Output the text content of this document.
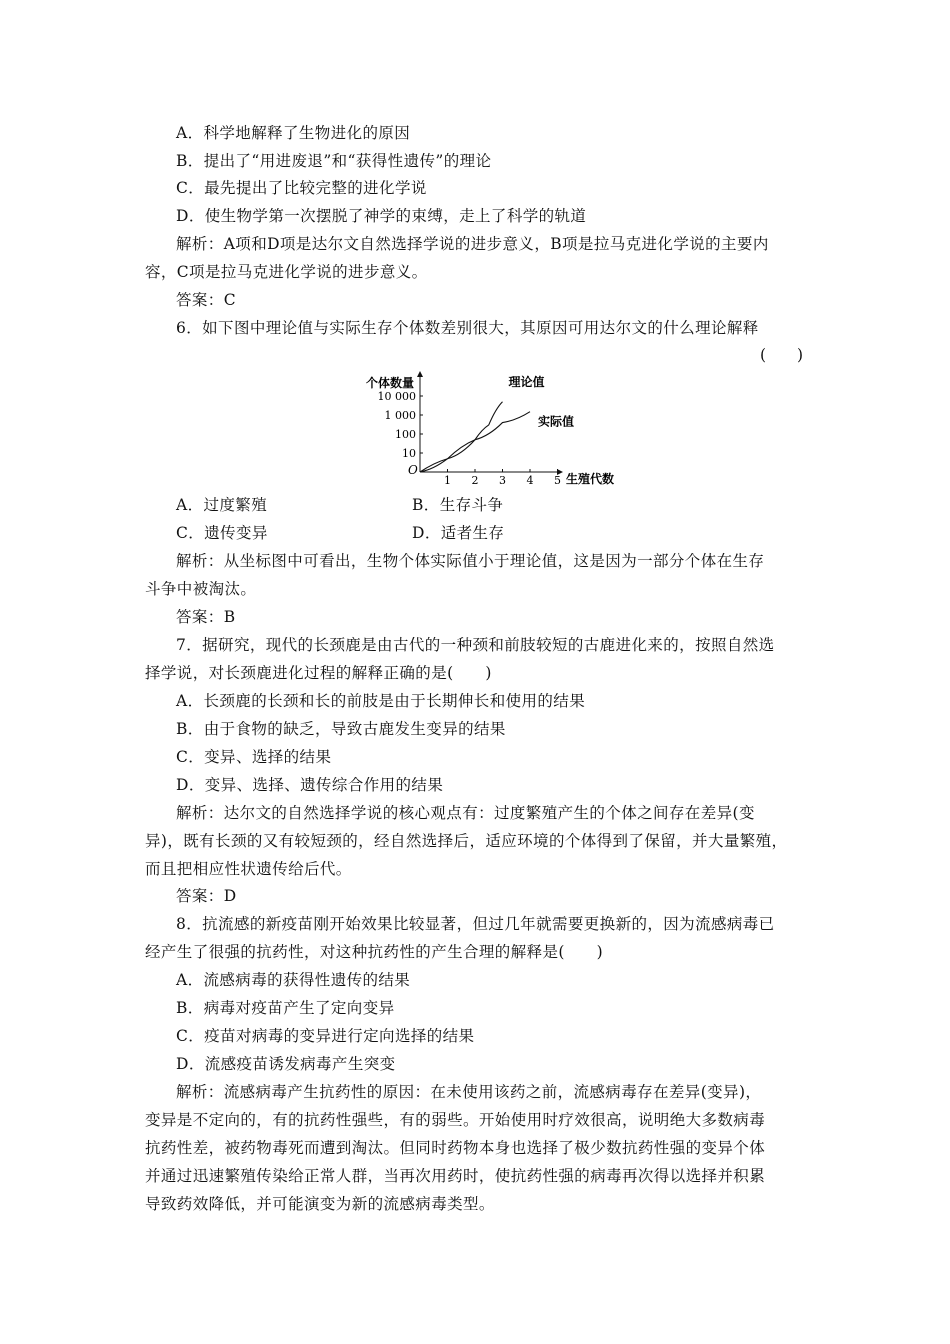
A．科学地解释了生物进化的原因
B．提出了“用进废退”和“获得性遗传”的理论
C．最先提出了比较完整的进化学说
D．使生物学第一次摆脱了神学的束缚，走上了科学的轨道
解析：A项和D项是达尔文自然选择学说的进步意义，B项是拉马克进化学说的主要内
容，C项是拉马克进化学说的进步意义。
答案：C
6．如下图中理论值与实际生存个体数差别很大，其原因可用达尔文的什么理论解释
(　　)
个体数量
生殖代数
O
10
100
1 000
10 000
1 2 3 4 5
理论值
实际值
A．过度繁殖	B．生存斗争
C．遗传变异	D．适者生存
解析：从坐标图中可看出，生物个体实际值小于理论值，这是因为一部分个体在生存
斗争中被淘汰。
答案：B
7．据研究，现代的长颈鹿是由古代的一种颈和前肢较短的古鹿进化来的，按照自然选
择学说，对长颈鹿进化过程的解释正确的是(　　)
A．长颈鹿的长颈和长的前肢是由于长期伸长和使用的结果
B．由于食物的缺乏，导致古鹿发生变异的结果
C．变异、选择的结果
D．变异、选择、遗传综合作用的结果
解析：达尔文的自然选择学说的核心观点有：过度繁殖产生的个体之间存在差异(变
异)，既有长颈的又有较短颈的，经自然选择后，适应环境的个体得到了保留，并大量繁殖，
而且把相应性状遗传给后代。
答案：D
8．抗流感的新疫苗刚开始效果比较显著，但过几年就需要更换新的，因为流感病毒已
经产生了很强的抗药性，对这种抗药性的产生合理的解释是(　　)
A．流感病毒的获得性遗传的结果
B．病毒对疫苗产生了定向变异
C．疫苗对病毒的变异进行定向选择的结果
D．流感疫苗诱发病毒产生突变
解析：流感病毒产生抗药性的原因：在未使用该药之前，流感病毒存在差异(变异)，
变异是不定向的，有的抗药性强些，有的弱些。开始使用时疗效很高，说明绝大多数病毒
抗药性差，被药物毒死而遭到淘汰。但同时药物本身也选择了极少数抗药性强的变异个体
并通过迅速繁殖传染给正常人群，当再次用药时，使抗药性强的病毒再次得以选择并积累
导致药效降低，并可能演变为新的流感病毒类型。
